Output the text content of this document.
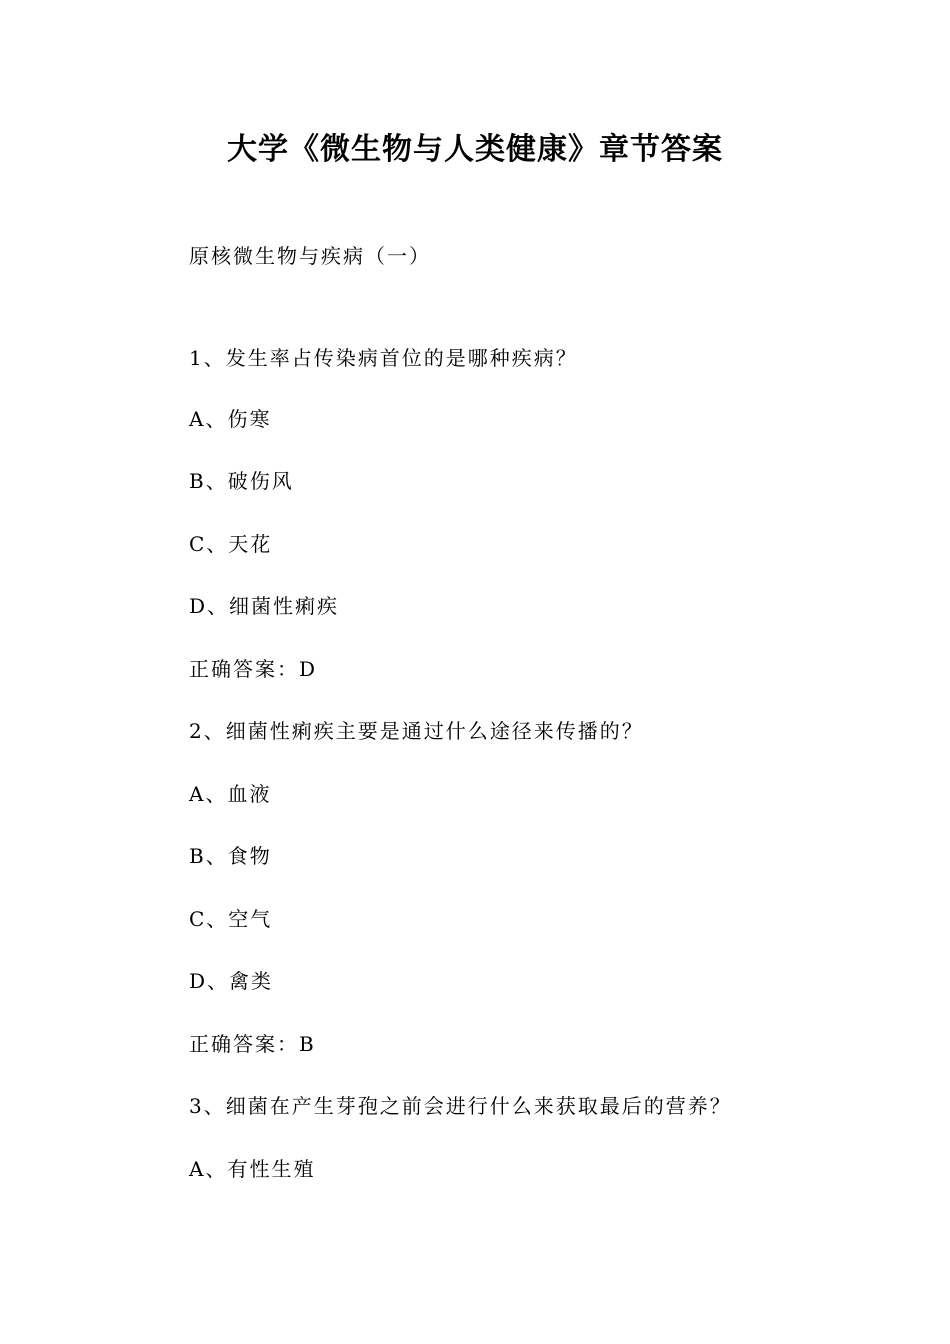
大学《微生物与人类健康》章节答案
原核微生物与疾病（一）
1、发生率占传染病首位的是哪种疾病？
A、伤寒
B、破伤风
C、天花
D、细菌性痢疾
正确答案：D
2、细菌性痢疾主要是通过什么途径来传播的？
A、血液
B、食物
C、空气
D、禽类
正确答案：B
3、细菌在产生芽孢之前会进行什么来获取最后的营养？
A、有性生殖
